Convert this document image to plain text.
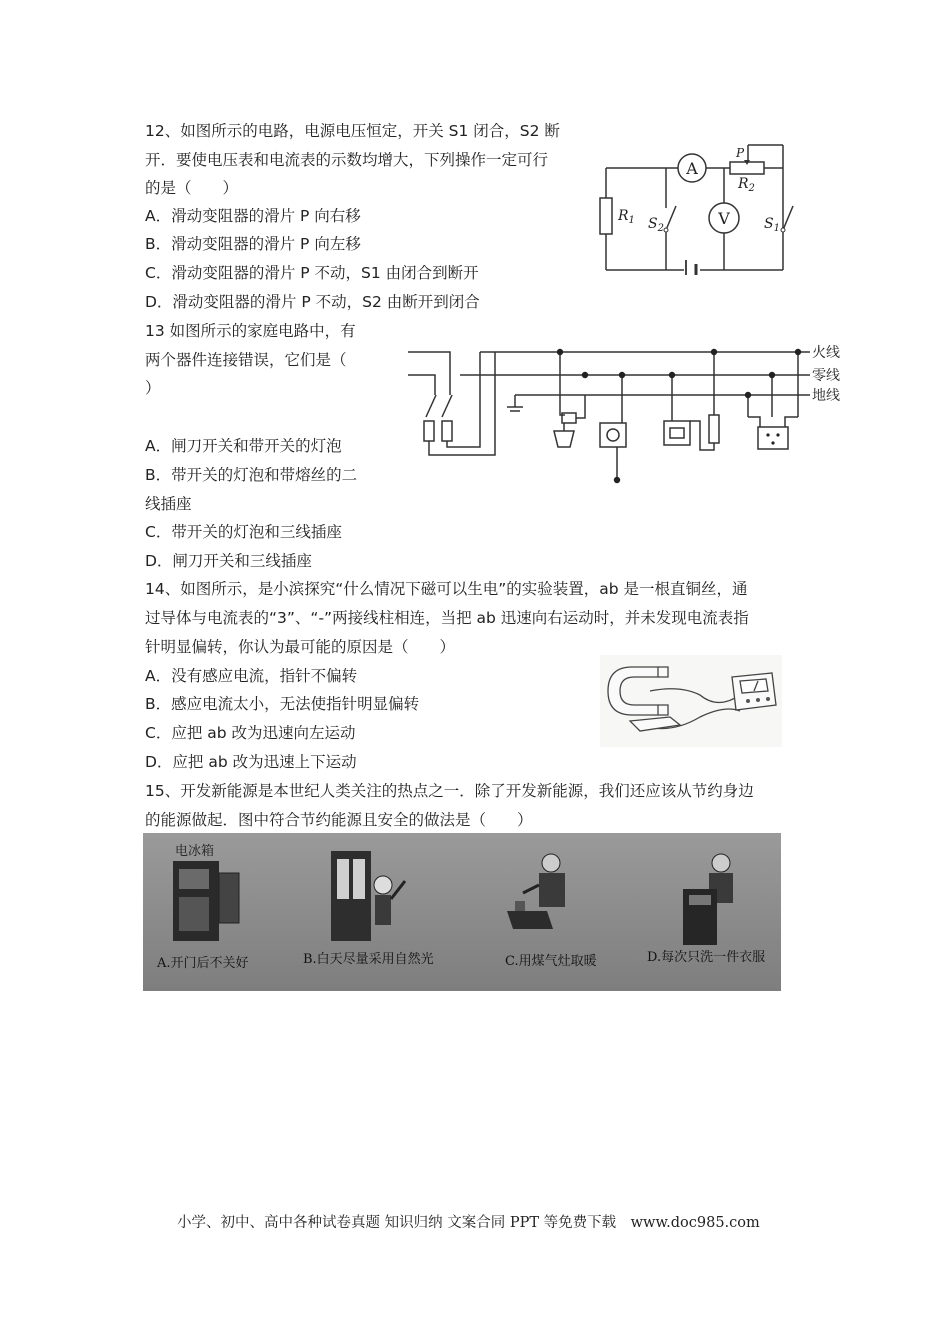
12、如图所示的电路，电源电压恒定，开关 S1 闭合，S2 断
开．要使电压表和电流表的示数均增大，下列操作一定可行
的是（　　）
A．滑动变阻器的滑片 P 向右移
B．滑动变阻器的滑片 P 向左移
C．滑动变阻器的滑片 P 不动，S1 由闭合到断开
D．滑动变阻器的滑片 P 不动，S2 由断开到闭合
A
V
P
$R_1$
$R_2$
$S_2$	$S_1$
13 如图所示的家庭电路中，有
两个器件连接错误，它们是（
）
A．闸刀开关和带开关的灯泡
B．带开关的灯泡和带熔丝的二
线插座
C．带开关的灯泡和三线插座
D．闸刀开关和三线插座
火线
零线
地线
14、如图所示，是小滨探究“什么情况下磁可以生电”的实验装置，ab 是一根直铜丝，通
过导体与电流表的“3”、“-”两接线柱相连，当把 ab 迅速向右运动时，并未发现电流表指
针明显偏转，你认为最可能的原因是（　　）
A．没有感应电流，指针不偏转
B．感应电流太小，无法使指针明显偏转
C．应把 ab 改为迅速向左运动
D．应把 ab 改为迅速上下运动
15、开发新能源是本世纪人类关注的热点之一．除了开发新能源，我们还应该从节约身边
的能源做起．图中符合节约能源且安全的做法是（　　）
电冰箱
A.开门后不关好	B.白天尽量采用自然光	C.用煤气灶取暖	D.每次只洗一件衣服
小学、初中、高中各种试卷真题 知识归纳 文案合同 PPT 等免费下载　www.doc985.com
